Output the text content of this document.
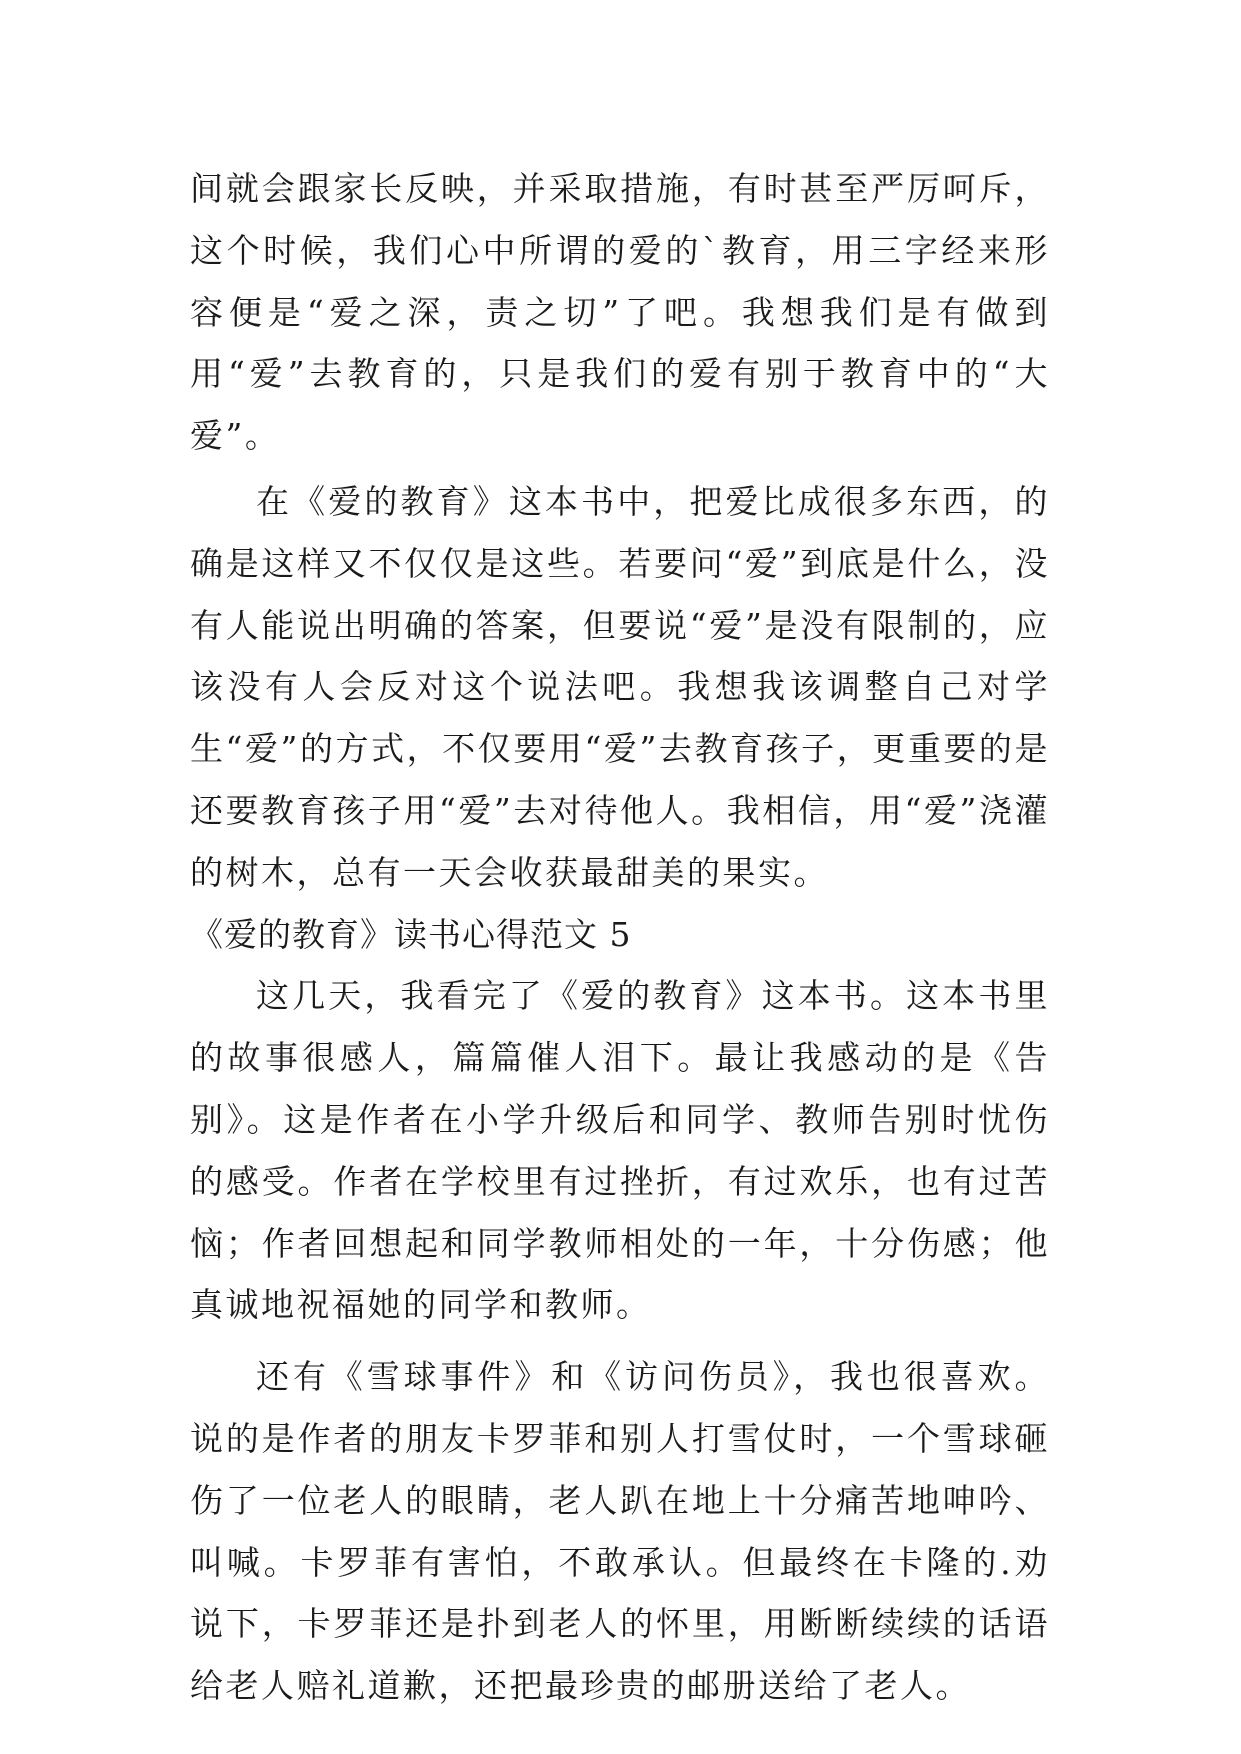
间就会跟家长反映，并采取措施，有时甚至严厉呵斥，这个时候，我们心中所谓的爱的`教育，用三字经来形容便是“爱之深，责之切”了吧。我想我们是有做到用“爱”去教育的，只是我们的爱有别于教育中的“大爱”。

在《爱的教育》这本书中，把爱比成很多东西，的确是这样又不仅仅是这些。若要问“爱”到底是什么，没有人能说出明确的答案，但要说“爱”是没有限制的，应该没有人会反对这个说法吧。我想我该调整自己对学生“爱”的方式，不仅要用“爱”去教育孩子，更重要的是还要教育孩子用“爱”去对待他人。我相信，用“爱”浇灌的树木，总有一天会收获最甜美的果实。

《爱的教育》读书心得范文 5

这几天，我看完了《爱的教育》这本书。这本书里的故事很感人，篇篇催人泪下。最让我感动的是《告别》。这是作者在小学升级后和同学、教师告别时忧伤的感受。作者在学校里有过挫折，有过欢乐，也有过苦恼；作者回想起和同学教师相处的一年，十分伤感；他真诚地祝福她的同学和教师。

还有《雪球事件》和《访问伤员》，我也很喜欢。说的是作者的朋友卡罗菲和别人打雪仗时，一个雪球砸伤了一位老人的眼睛，老人趴在地上十分痛苦地呻吟、叫喊。卡罗菲有害怕，不敢承认。但最终在卡隆的.劝说下，卡罗菲还是扑到老人的怀里，用断断续续的话语给老人赔礼道歉，还把最珍贵的邮册送给了老人。
